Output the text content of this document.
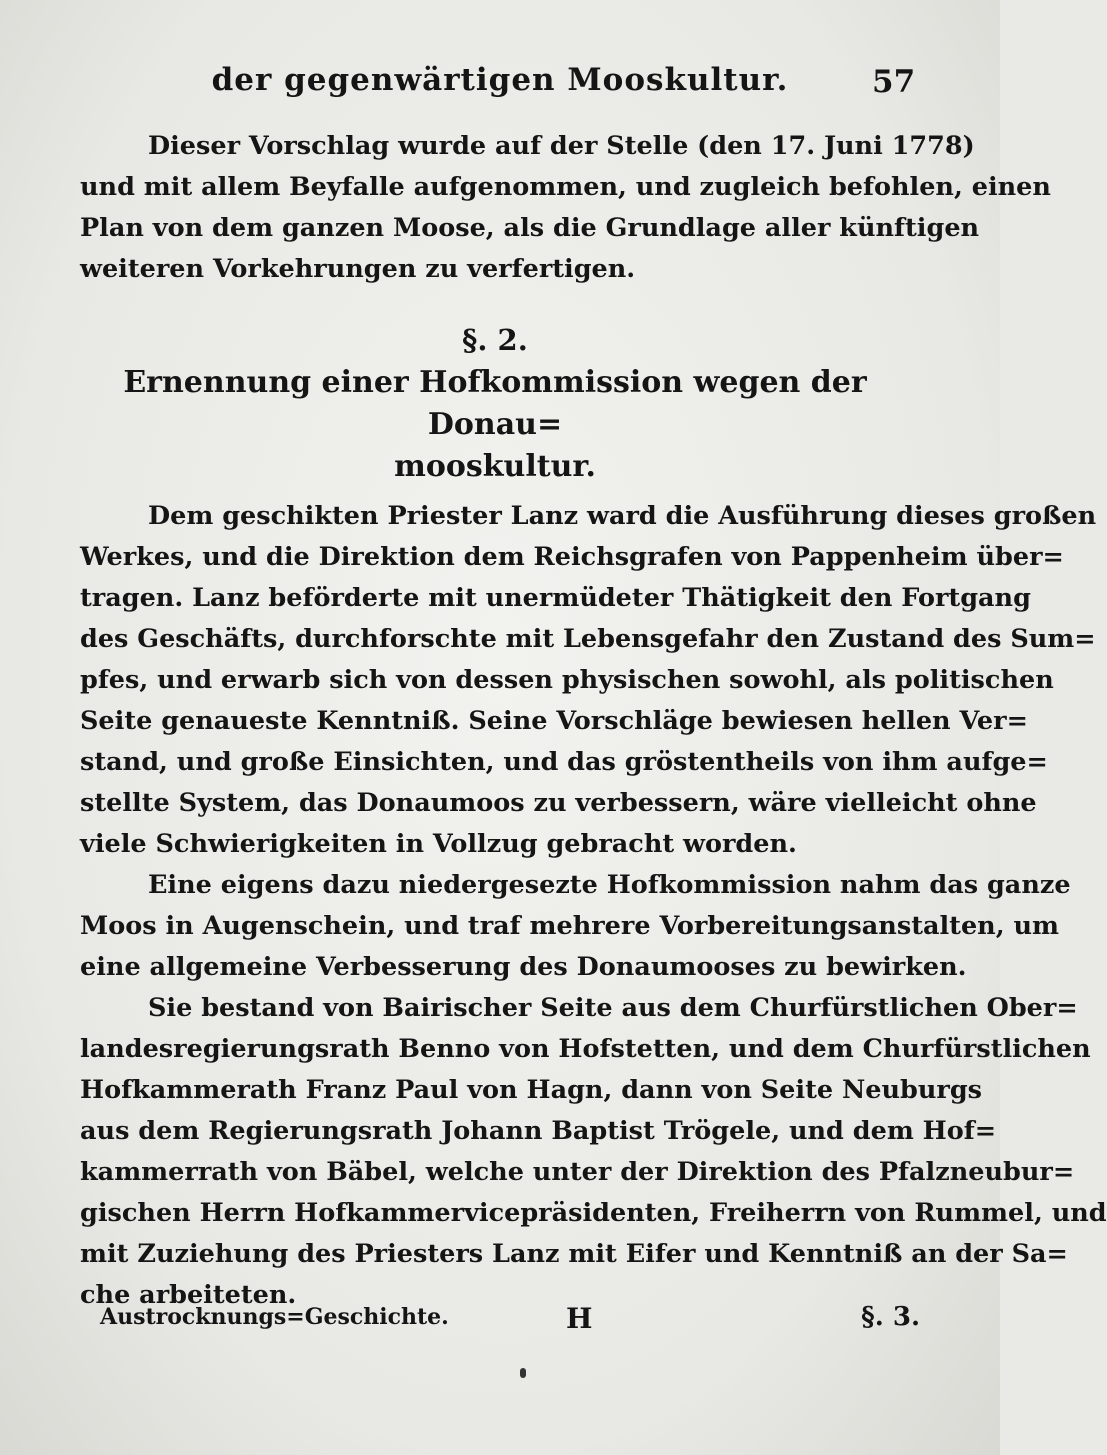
der gegenwärtigen Mooskultur.	57
Dieser Vorschlag wurde auf der Stelle (den 17. Juni 1778)
und mit allem Beyfalle aufgenommen, und zugleich befohlen, einen
Plan von dem ganzen Moose, als die Grundlage aller künftigen
weiteren Vorkehrungen zu verfertigen.
§. 2.
Ernennung einer Hofkommission wegen der Donau=
mooskultur.
Dem geschikten Priester Lanz ward die Ausführung dieses großen
Werkes, und die Direktion dem Reichsgrafen von Pappenheim über=
tragen. Lanz beförderte mit unermüdeter Thätigkeit den Fortgang
des Geschäfts, durchforschte mit Lebensgefahr den Zustand des Sum=
pfes, und erwarb sich von dessen physischen sowohl, als politischen
Seite genaueste Kenntniß. Seine Vorschläge bewiesen hellen Ver=
stand, und große Einsichten, und das gröstentheils von ihm aufge=
stellte System, das Donaumoos zu verbessern, wäre vielleicht ohne
viele Schwierigkeiten in Vollzug gebracht worden.
Eine eigens dazu niedergesezte Hofkommission nahm das ganze
Moos in Augenschein, und traf mehrere Vorbereitungsanstalten, um
eine allgemeine Verbesserung des Donaumooses zu bewirken.
Sie bestand von Bairischer Seite aus dem Churfürstlichen Ober=
landesregierungsrath Benno von Hofstetten, und dem Churfürstlichen
Hofkammerath Franz Paul von Hagn, dann von Seite Neuburgs
aus dem Regierungsrath Johann Baptist Trögele, und dem Hof=
kammerrath von Bäbel, welche unter der Direktion des Pfalzneubur=
gischen Herrn Hofkammervicepräsidenten, Freiherrn von Rummel, und
mit Zuziehung des Priesters Lanz mit Eifer und Kenntniß an der Sa=
che arbeiteten.
Austrocknungs=Geschichte.	H	§. 3.
